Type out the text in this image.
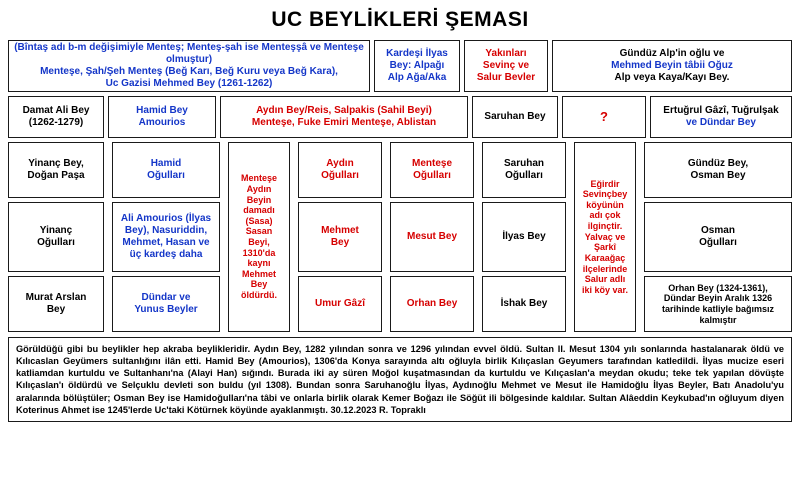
UC BEYLİKLERİ ŞEMASI
(Bîntaş adı b-m değişimiyle Menteş; Menteş-şah ise Menteşşâ ve Menteşe olmuştur)
Menteşe, Şah/Şeh Menteş (Beğ Karı, Beğ Kuru veya Beğ Kara),
Uc Gazisi Mehmed Bey (1261-1262)
Kardeşi İlyas
Bey: Alpağı
Alp Ağa/Aka
Yakınları
Sevinç ve
Salur Bevler
Gündüz Alp'in oğlu ve
Mehmed Beyin tâbii Oğuz
Alp veya Kaya/Kayı Bey.
Damat Ali Bey
(1262-1279)
Hamid Bey
Amourios
Aydın Bey/Reis, Salpakis (Sahil Beyi)
Menteşe, Fuke Emiri Menteşe, Ablistan
Saruhan Bey	?	Ertuğrul Gâzî, Tuğrulşak
ve Dündar Bey
Yinanç Bey,
Doğan Paşa
Yinanç
Oğulları
Murat Arslan
Bey
Hamid
Oğulları
Ali Amourios (İlyas
Bey), Nasuriddin,
Mehmet, Hasan ve
üç kardeş daha
Dündar ve
Yunus Beyler
Menteşe
Aydın
Beyin
damadı
(Sasa)
Sasan
Beyi,
1310'da
kaynı
Mehmet
Bey
öldürdü.
Aydın
Oğulları
Mehmet
Bey
Umur Gâzî
Menteşe
Oğulları
Mesut Bey
Orhan Bey
Saruhan
Oğulları
İlyas Bey
İshak Bey
Eğirdir
Sevinçbey
köyünün
adı çok
ilginçtir.
Yalvaç ve
Şarkî
Karaağaç
ilçelerinde
Salur adlı
iki köy var.
Gündüz Bey,
Osman Bey
Osman
Oğulları
Orhan Bey (1324-1361),
Dündar Beyin Aralık 1326
tarihinde katliyle bağımsız
kalmıştır
Görüldüğü gibi bu beylikler hep akraba beylikleridir. Aydın Bey, 1282 yılından sonra ve 1296 yılından evvel öldü. Sultan II. Mesut 1304 yılı sonlarında hastalanarak öldü ve Kılıcaslan Geyümers sultanlığını ilân etti. Hamid Bey (Amourios), 1306'da Konya sarayında altı oğluyla birlik Kılıçaslan Geyumers tarafından katledildi. İlyas mucize eseri katliamdan kurtuldu ve Sultanhanı'na (Alayi Han) sığındı. Burada iki ay süren Moğol kuşatmasından da kurtuldu ve Kılıçaslan'a meydan okudu; teke tek yapılan dövüşte Kılıçaslan'ı öldürdü ve Selçuklu devleti son buldu (yıl 1308). Bundan sonra Saruhanoğlu İlyas, Aydınoğlu Mehmet ve Mesut ile Hamidoğlu İlyas Beyler, Batı Anadolu'yu aralarında bölüştüler; Osman Bey ise Hamidoğulları'na tâbi ve onlarla birlik olarak Kemer Boğazı ile Söğüt ili bölgesinde kaldılar. Sultan Alâeddin Keykubad'ın oğluyum diyen Koterinus Ahmet ise 1245'lerde Uc'taki Kötürnek köyünde ayaklanmıştı. 30.12.2023 R. Topraklı
